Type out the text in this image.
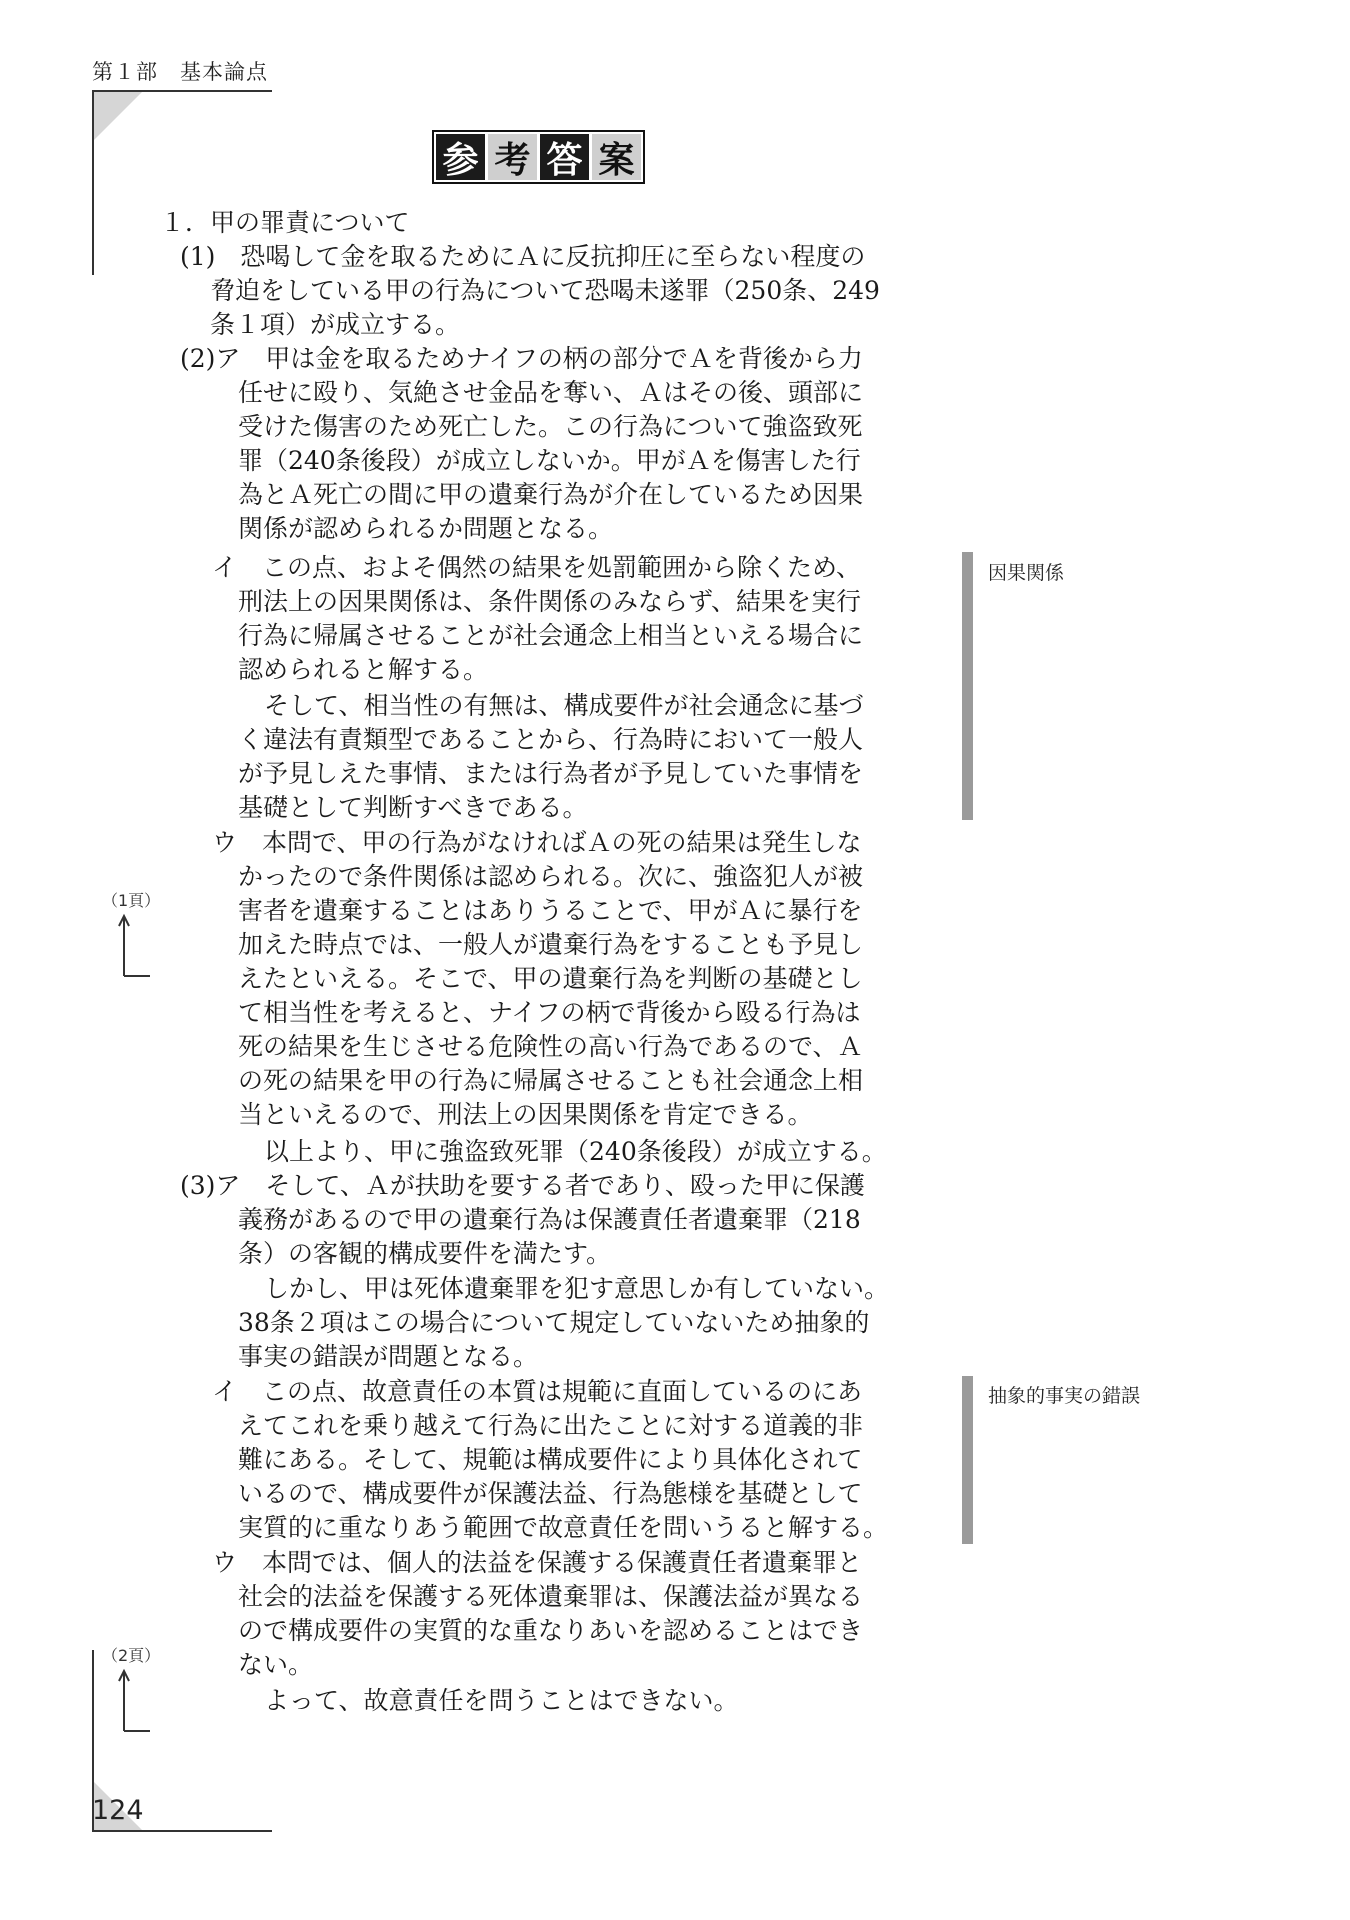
第１部　基本論点
参 考 答 案
１．甲の罪責について
(1)　恐喝して金を取るためにＡに反抗抑圧に至らない程度の
脅迫をしている甲の行為について恐喝未遂罪（250条、249
条１項）が成立する。
(2)ア　甲は金を取るためナイフの柄の部分でＡを背後から力
任せに殴り、気絶させ金品を奪い、Ａはその後、頭部に
受けた傷害のため死亡した。この行為について強盗致死
罪（240条後段）が成立しないか。甲がＡを傷害した行
為とＡ死亡の間に甲の遺棄行為が介在しているため因果
関係が認められるか問題となる。
イ　この点、およそ偶然の結果を処罰範囲から除くため、
刑法上の因果関係は、条件関係のみならず、結果を実行
行為に帰属させることが社会通念上相当といえる場合に
認められると解する。
そして、相当性の有無は、構成要件が社会通念に基づ
く違法有責類型であることから、行為時において一般人
が予見しえた事情、または行為者が予見していた事情を
基礎として判断すべきである。
ウ　本問で、甲の行為がなければＡの死の結果は発生しな
かったので条件関係は認められる。次に、強盗犯人が被
害者を遺棄することはありうることで、甲がＡに暴行を
加えた時点では、一般人が遺棄行為をすることも予見し
えたといえる。そこで、甲の遺棄行為を判断の基礎とし
て相当性を考えると、ナイフの柄で背後から殴る行為は
死の結果を生じさせる危険性の高い行為であるので、Ａ
の死の結果を甲の行為に帰属させることも社会通念上相
当といえるので、刑法上の因果関係を肯定できる。
以上より、甲に強盗致死罪（240条後段）が成立する。
(3)ア　そして、Ａが扶助を要する者であり、殴った甲に保護
義務があるので甲の遺棄行為は保護責任者遺棄罪（218
条）の客観的構成要件を満たす。
しかし、甲は死体遺棄罪を犯す意思しか有していない。
38条２項はこの場合について規定していないため抽象的
事実の錯誤が問題となる。
イ　この点、故意責任の本質は規範に直面しているのにあ
えてこれを乗り越えて行為に出たことに対する道義的非
難にある。そして、規範は構成要件により具体化されて
いるので、構成要件が保護法益、行為態様を基礎として
実質的に重なりあう範囲で故意責任を問いうると解する。
ウ　本問では、個人的法益を保護する保護責任者遺棄罪と
社会的法益を保護する死体遺棄罪は、保護法益が異なる
ので構成要件の実質的な重なりあいを認めることはでき
ない。
よって、故意責任を問うことはできない。
因果関係
抽象的事実の錯誤
（1頁）
（2頁）
124
